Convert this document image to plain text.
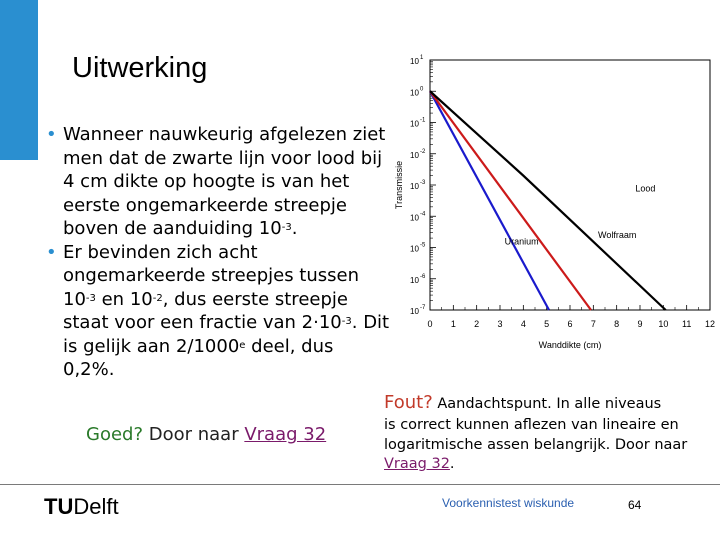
Uitwerking
• Wanneer nauwkeurig afgelezen ziet men dat de zwarte lijn voor lood bij 4 cm dikte op hoogte is van het eerste ongemarkeerde streepje boven de aanduiding $10^{-3}$.
• Er bevinden zich acht ongemarkeerde streepjes tussen $10^{-3}$ en $10^{-2}$, dus eerste streepje staat voor een fractie van $2\cdot 10^{-3}$. Dit is gelijk aan 2/1000e deel, dus 0,2%.
10 1
10 0
10 -1
10 -2
10 -3
10 -4
10 -5
10 -6
10 -7
0 1 2 3 4 5 6 7 8 9 10 11 12
Wanddikte (cm)
Transmissie
Uranium
Wolfraam
Lood
Goed? Door naar Vraag 32
Fout? Aandachtspunt. In alle niveaus
is correct kunnen aflezen van lineaire en logaritmische assen belangrijk. Door naar Vraag 32.
TUDelft	Voorkennistest wiskunde	64
